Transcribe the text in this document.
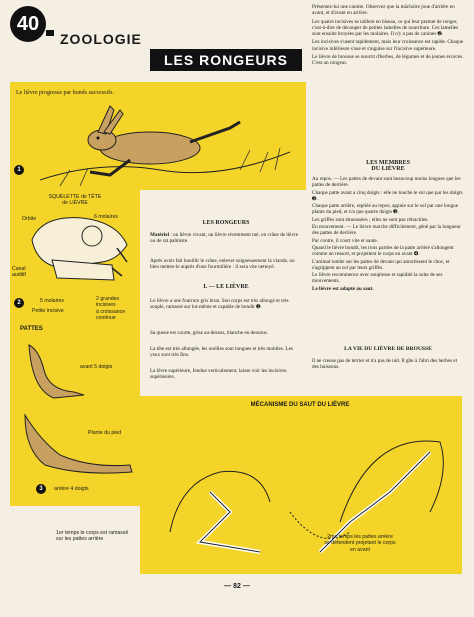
40
ZOOLOGIE
LES RONGEURS
Le lièvre progresse par bonds successifs.
1
SQUELETTE de TÊTE
de LIÈVRE
Orbite	6 molaires
Canal
auditif
5 molaires
Petite incisive
2 grandes
incisives
à croissance
continue
2
PATTES
avant 5 doigts
Plante du pied
3	arrière 4 doigts
LES RONGEURS
Matériel : un lièvre vivant, un lièvre récemment tué, un crâne de lièvre ou de rat palmiste.
Après avoir fait bouillir le crâne, enlever soigneusement la viande, ou bien mettez-le auprès d'une fourmilière : il sera vite nettoyé.
I. — LE LIÈVRE
Le lièvre a une fourrure gris brun. Son corps est très allongé et très souple, ramassé sur lui-même et capable de bondir ➊.
Sa queue est courte, grise au-dessus, blanche en dessous.
La tête est très allongée, les oreilles sont longues et très mobiles. Les yeux sont très fins.
La lèvre supérieure, fendue verticalement, laisse voir les incisives supérieures.
Présentez-lui une carotte. Observez que la mâchoire joue d'arrière en avant, et d'avant en arrière.
Les quatre incisives se taillent en biseau, ce qui leur permet de ronger, c'est-à-dire de découper de petites lamelles de nourriture. Ces lamelles sont ensuite broyées par les molaires. Il n'y a pas de canines ➋.
Les incisives s'usent rapidement, mais leur croissance est rapide. Chaque incisive inférieure s'use et s'aiguise sur l'incisive supérieure.
Le lièvre de brousse se nourrit d'herbes, de légumes et de jeunes écorces. C'est un rongeur.
LES MEMBRES
DU LIÈVRE
Au repos. — Les pattes de devant sont beaucoup moins longues que les pattes de derrière.
Chaque patte avant a cinq doigts : elle ne touche le sol que par les doigts ➌.
Chaque patte arrière, repliée au repos, appuie sur le sol par une longue plante du pied, et n'a que quatre doigts ➌.
Les griffes sont émoussées ; elles ne sont pas rétractiles.
En mouvement. — Le lièvre marche difficilement, gêné par la longueur des pattes de derrière.
Par contre, il court vite et saute.
Quand le lièvre bondit, les trois parties de la patte arrière s'allongent comme un ressort, et projettent le corps en avant ➍.
L'animal tombe sur les pattes de devant qui amortissent le choc, et s'agrippent au sol par leurs griffes.
Le lièvre recommence avec souplesse et rapidité la suite de ses mouvements.
Le lièvre est adapté au saut.
LA VIE DU LIÈVRE DE BROUSSE
Il ne creuse pas de terrier et n'a pas de nid. Il gîte à l'abri des herbes et des buissons.
MÉCANISME DU SAUT DU LIÈVRE
1er temps le corps est ramassé
sur les pattes arrière	2me temps les pattes arrière
se détendent projetant le corps
en avant
— 82 —
